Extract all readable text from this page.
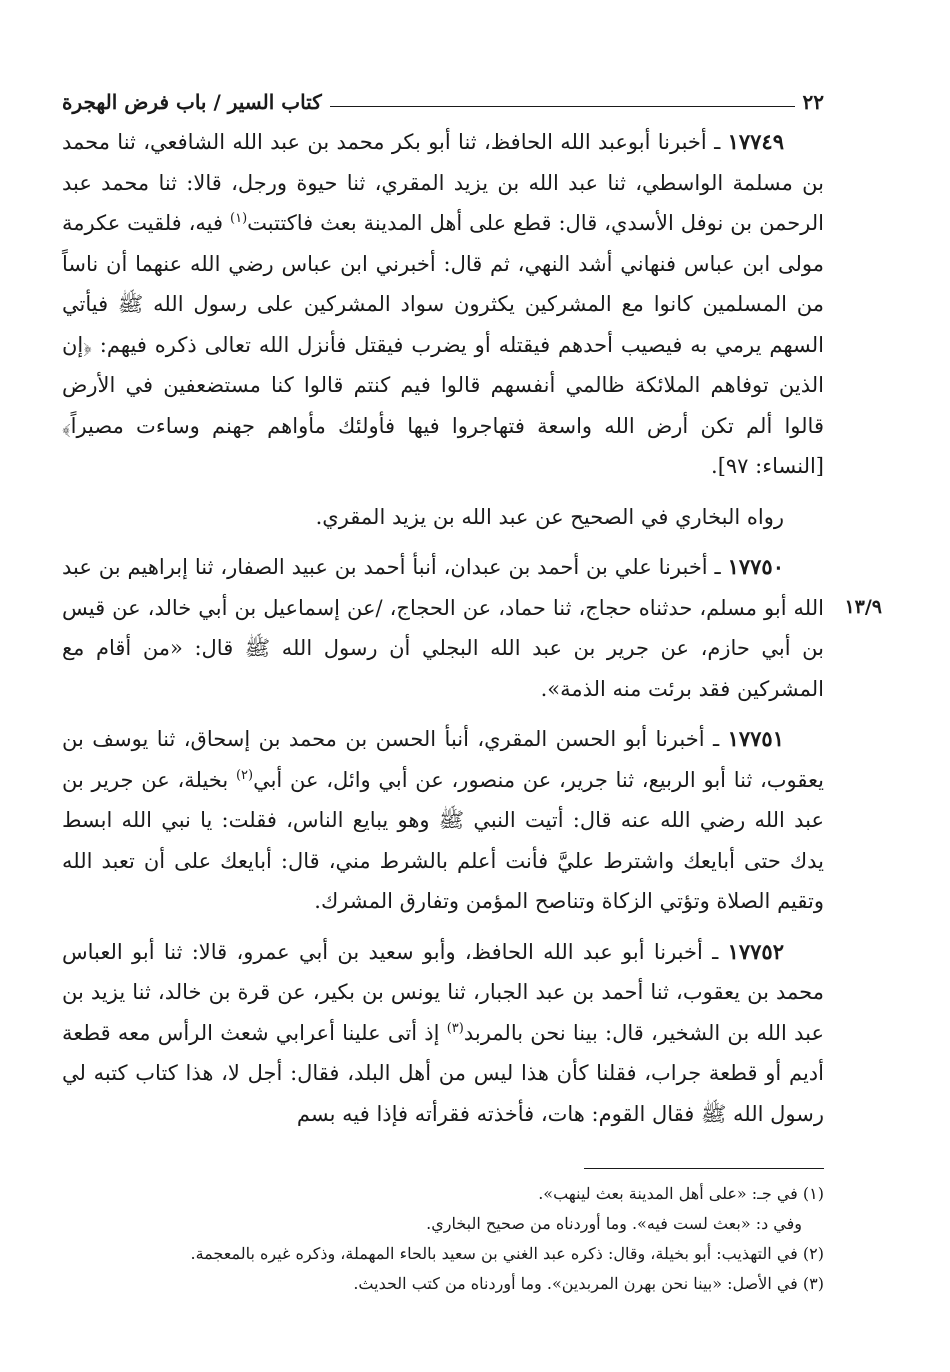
٢٢
كتاب السير / باب فرض الهجرة

١٧٧٤٩ ـ أخبرنا أبوعبد الله الحافظ، ثنا أبو بكر محمد بن عبد الله الشافعي، ثنا محمد بن مسلمة الواسطي، ثنا عبد الله بن يزيد المقري، ثنا حيوة ورجل، قالا: ثنا محمد عبد الرحمن بن نوفل الأسدي، قال: قطع على أهل المدينة بعث فاكتتبت$^{(١)}$ فيه، فلقيت عكرمة مولى ابن عباس فنهاني أشد النهي، ثم قال: أخبرني ابن عباس رضي الله عنهما أن ناساً من المسلمين كانوا مع المشركين يكثرون سواد المشركين على رسول الله ﷺ فيأتي السهم يرمي به فيصيب أحدهم فيقتله أو يضرب فيقتل فأنزل الله تعالى ذكره فيهم: ﴿إن الذين توفاهم الملائكة ظالمي أنفسهم قالوا فيم كنتم قالوا كنا مستضعفين في الأرض قالوا ألم تكن أرض الله واسعة فتهاجروا فيها فأولئك مأواهم جهنم وساءت مصيراً﴾ [النساء: ٩٧].

رواه البخاري في الصحيح عن عبد الله بن يزيد المقري.

١٣/٩
١٧٧٥٠ ـ أخبرنا علي بن أحمد بن عبدان، أنبأ أحمد بن عبيد الصفار، ثنا إبراهيم بن عبد الله أبو مسلم، حدثناه حجاج، ثنا حماد، عن الحجاج، /عن إسماعيل بن أبي خالد، عن قيس بن أبي حازم، عن جرير بن عبد الله البجلي أن رسول الله ﷺ قال: «من أقام مع المشركين فقد برئت منه الذمة».

١٧٧٥١ ـ أخبرنا أبو الحسن المقري، أنبأ الحسن بن محمد بن إسحاق، ثنا يوسف بن يعقوب، ثنا أبو الربيع، ثنا جرير، عن منصور، عن أبي وائل، عن أبي$^{(٢)}$ بخيلة، عن جرير بن عبد الله رضي الله عنه قال: أتيت النبي ﷺ وهو يبايع الناس، فقلت: يا نبي الله ابسط يدك حتى أبايعك واشترط عليَّ فأنت أعلم بالشرط مني، قال: أبايعك على أن تعبد الله وتقيم الصلاة وتؤتي الزكاة وتناصح المؤمن وتفارق المشرك.

١٧٧٥٢ ـ أخبرنا أبو عبد الله الحافظ، وأبو سعيد بن أبي عمرو، قالا: ثنا أبو العباس محمد بن يعقوب، ثنا أحمد بن عبد الجبار، ثنا يونس بن بكير، عن قرة بن خالد، ثنا يزيد بن عبد الله بن الشخير، قال: بينا نحن بالمربد$^{(٣)}$ إذ أتى علينا أعرابي شعث الرأس معه قطعة أديم أو قطعة جراب، فقلنا كأن هذا ليس من أهل البلد، فقال: أجل لا، هذا كتاب كتبه لي رسول الله ﷺ فقال القوم: هات، فأخذته فقرأته فإذا فيه بسم

(١) في جـ: «على أهل المدينة بعث لينهب».

وفي د: «بعث لست فيه». وما أوردناه من صحيح البخاري.

(٢) في التهذيب: أبو بخيلة، وقال: ذكره عبد الغني بن سعيد بالحاء المهملة، وذكره غيره بالمعجمة.

(٣) في الأصل: «بينا نحن بهرن المربدين». وما أوردناه من كتب الحديث.
